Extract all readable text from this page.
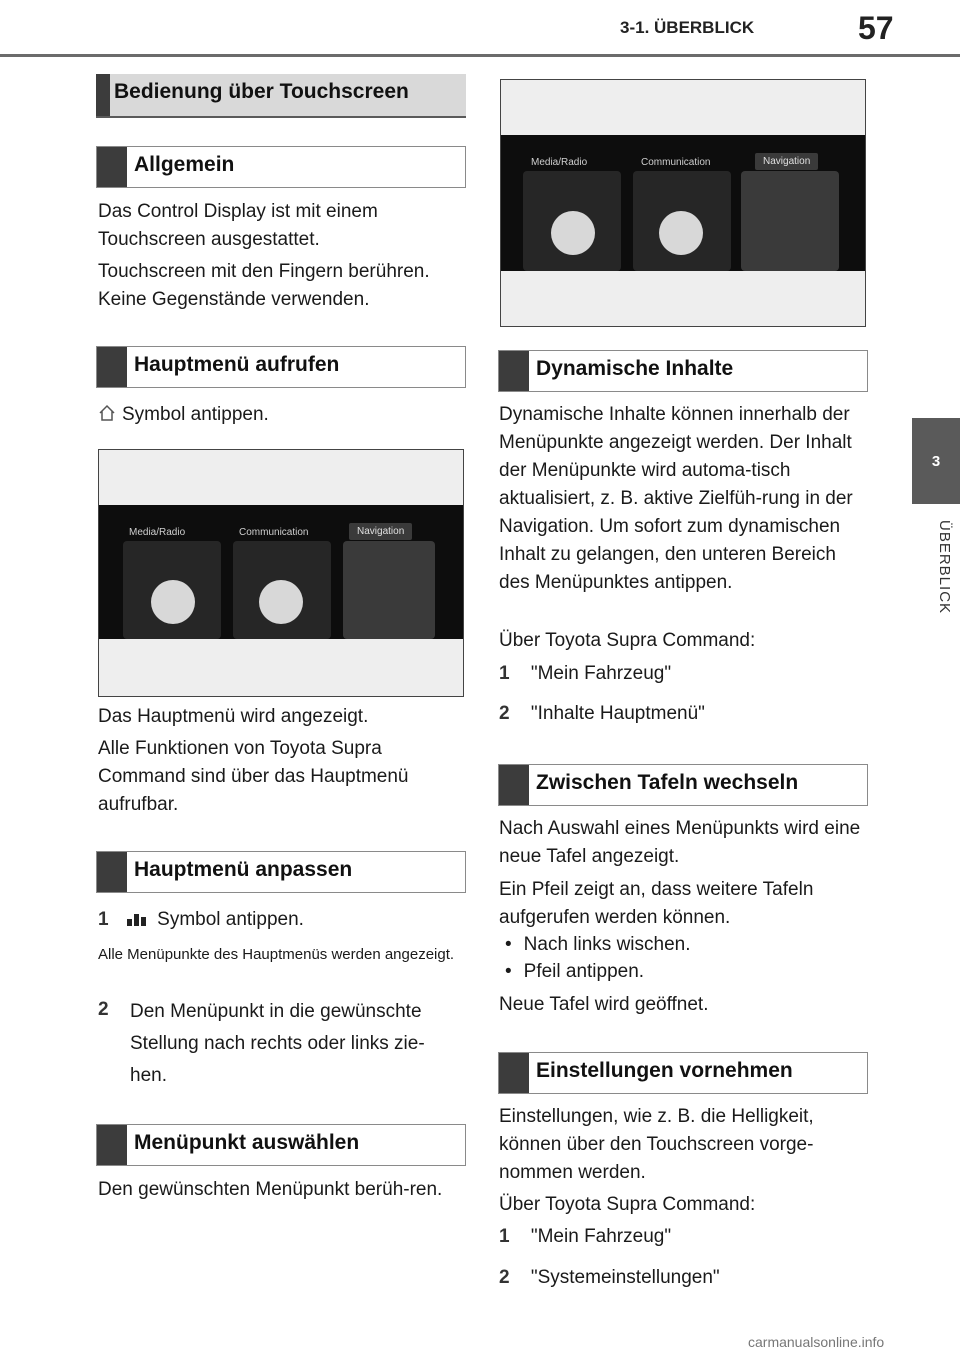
3-1. ÜBERBLICK	57
3
ÜBERBLICK
Bedienung über Touchscreen
Allgemein
Das Control Display ist mit einem Touchscreen ausgestattet.
Touchscreen mit den Fingern berühren. Keine Gegenstände verwenden.
Hauptmenü aufrufen
Symbol antippen.
Media/Radio	Communication	Navigation
Das Hauptmenü wird angezeigt.
Alle Funktionen von Toyota Supra Command sind über das Hauptmenü aufrufbar.
Hauptmenü anpassen
1	Symbol antippen.
Alle Menüpunkte des Hauptmenüs werden angezeigt.
2	Den Menüpunkt in die gewünschte Stellung nach rechts oder links zie-hen.
Menüpunkt auswählen
Den gewünschten Menüpunkt berüh-ren.
Media/Radio	Communication	Navigation
Dynamische Inhalte
Dynamische Inhalte können innerhalb der Menüpunkte angezeigt werden. Der Inhalt der Menüpunkte wird automa-tisch aktualisiert, z. B. aktive Zielfüh-rung in der Navigation. Um sofort zum dynamischen Inhalt zu gelangen, den unteren Bereich des Menüpunktes antippen.
Über Toyota Supra Command:
1 "Mein Fahrzeug"
2 "Inhalte Hauptmenü"
Zwischen Tafeln wechseln
Nach Auswahl eines Menüpunkts wird eine neue Tafel angezeigt.
Ein Pfeil zeigt an, dass weitere Tafeln aufgerufen werden können.
• Nach links wischen.
• Pfeil antippen.
Neue Tafel wird geöffnet.
Einstellungen vornehmen
Einstellungen, wie z. B. die Helligkeit, können über den Touchscreen vorge-nommen werden.
Über Toyota Supra Command:
1 "Mein Fahrzeug"
2 "Systemeinstellungen"
carmanualsonline.info
